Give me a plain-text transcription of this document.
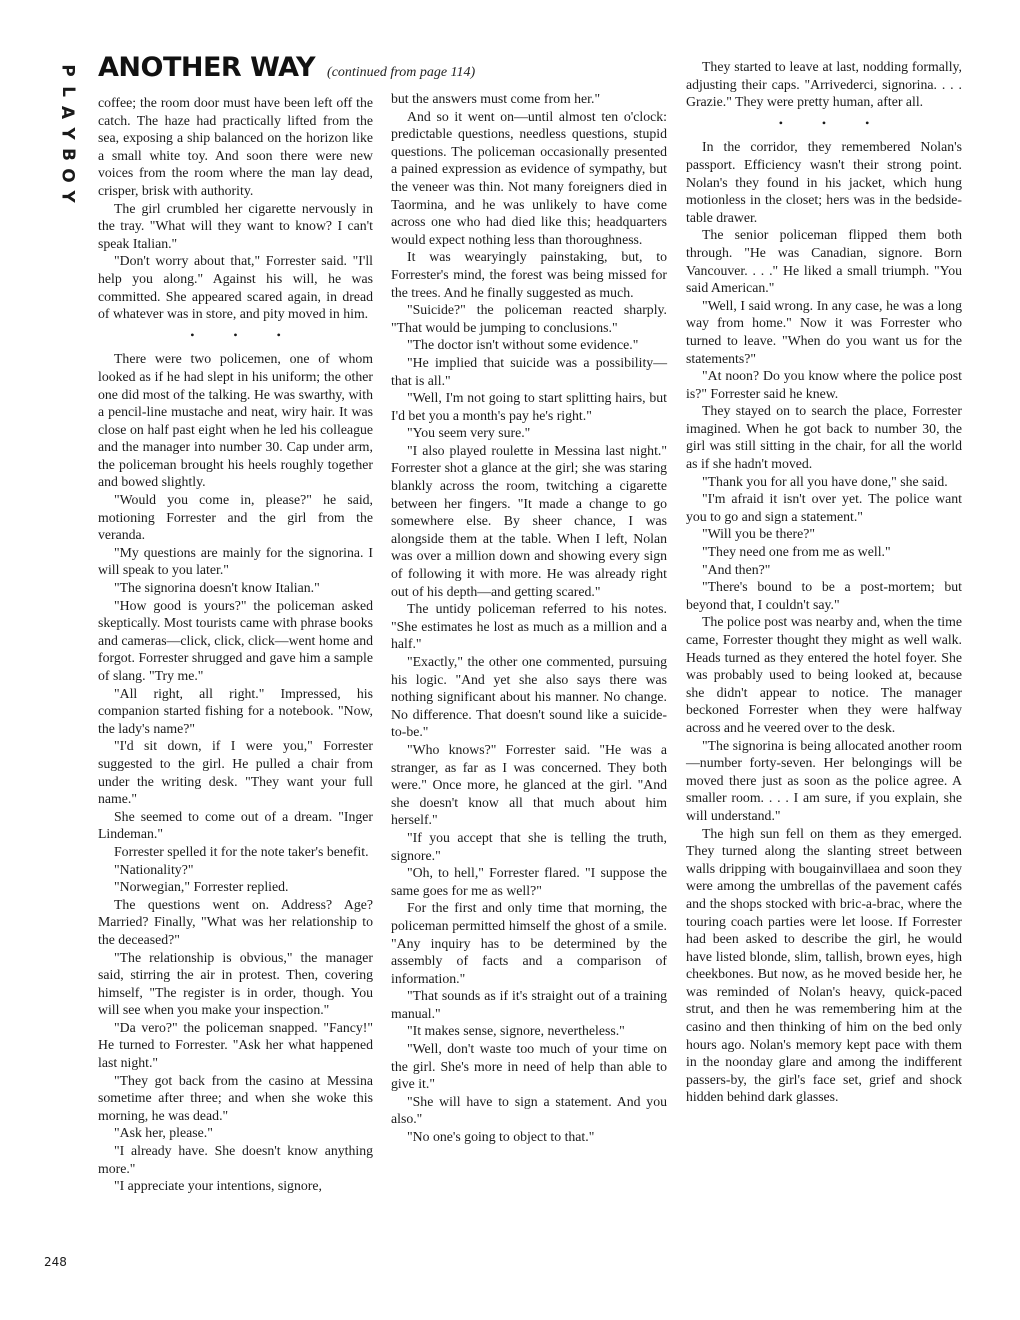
P
L
A
Y
B
O
Y
ANOTHER WAY (continued from page 114)

coffee; the room door must have been left off the catch. The haze had practically lifted from the sea, exposing a ship balanced on the horizon like a small white toy. And soon there were new voices from the room where the man lay dead, crisper, brisk with authority.

The girl crumbled her cigarette nervously in the tray. "What will they want to know? I can't speak Italian."

"Don't worry about that," Forrester said. "I'll help you along." Against his will, he was committed. She appeared scared again, in dread of whatever was in store, and pity moved in him.

• • •

There were two policemen, one of whom looked as if he had slept in his uniform; the other one did most of the talking. He was swarthy, with a pencil-line mustache and neat, wiry hair. It was close on half past eight when he led his colleague and the manager into number 30. Cap under arm, the policeman brought his heels roughly together and bowed slightly.

"Would you come in, please?" he said, motioning Forrester and the girl from the veranda.

"My questions are mainly for the signorina. I will speak to you later."

"The signorina doesn't know Italian."

"How good is yours?" the policeman asked skeptically. Most tourists came with phrase books and cameras—click, click, click—went home and forgot. Forrester shrugged and gave him a sample of slang. "Try me."

"All right, all right." Impressed, his companion started fishing for a notebook. "Now, the lady's name?"

"I'd sit down, if I were you," Forrester suggested to the girl. He pulled a chair from under the writing desk. "They want your full name."

She seemed to come out of a dream. "Inger Lindeman."

Forrester spelled it for the note taker's benefit.

"Nationality?"

"Norwegian," Forrester replied.

The questions went on. Address? Age? Married? Finally, "What was her relationship to the deceased?"

"The relationship is obvious," the manager said, stirring the air in protest. Then, covering himself, "The register is in order, though. You will see when you make your inspection."

"Da vero?" the policeman snapped. "Fancy!" He turned to Forrester. "Ask her what happened last night."

"They got back from the casino at Messina sometime after three; and when she woke this morning, he was dead."

"Ask her, please."

"I already have. She doesn't know anything more."

"I appreciate your intentions, signore,

but the answers must come from her."

And so it went on—until almost ten o'clock: predictable questions, needless questions, stupid questions. The policeman occasionally presented a pained expression as evidence of sympathy, but the veneer was thin. Not many foreigners died in Taormina, and he was unlikely to have come across one who had died like this; headquarters would expect nothing less than thoroughness.

It was wearyingly painstaking, but, to Forrester's mind, the forest was being missed for the trees. And he finally suggested as much.

"Suicide?" the policeman reacted sharply. "That would be jumping to conclusions."

"The doctor isn't without some evidence."

"He implied that suicide was a possibility—that is all."

"Well, I'm not going to start splitting hairs, but I'd bet you a month's pay he's right."

"You seem very sure."

"I also played roulette in Messina last night." Forrester shot a glance at the girl; she was staring blankly across the room, twitching a cigarette between her fingers. "It made a change to go somewhere else. By sheer chance, I was alongside them at the table. When I left, Nolan was over a million down and showing every sign of following it with more. He was already right out of his depth—and getting scared."

The untidy policeman referred to his notes. "She estimates he lost as much as a million and a half."

"Exactly," the other one commented, pursuing his logic. "And yet she also says there was nothing significant about his manner. No change. No difference. That doesn't sound like a suicide-to-be."

"Who knows?" Forrester said. "He was a stranger, as far as I was concerned. They both were." Once more, he glanced at the girl. "And she doesn't know all that much about him herself."

"If you accept that she is telling the truth, signore."

"Oh, to hell," Forrester flared. "I suppose the same goes for me as well?"

For the first and only time that morning, the policeman permitted himself the ghost of a smile. "Any inquiry has to be determined by the assembly of facts and a comparison of information."

"That sounds as if it's straight out of a training manual."

"It makes sense, signore, nevertheless."

"Well, don't waste too much of your time on the girl. She's more in need of help than able to give it."

"She will have to sign a statement. And you also."

"No one's going to object to that."

They started to leave at last, nodding formally, adjusting their caps. "Arrivederci, signorina. . . . Grazie." They were pretty human, after all.

• • •

In the corridor, they remembered Nolan's passport. Efficiency wasn't their strong point. Nolan's they found in his jacket, which hung motionless in the closet; hers was in the bedside-table drawer.

The senior policeman flipped them both through. "He was Canadian, signore. Born Vancouver. . . ." He liked a small triumph. "You said American."

"Well, I said wrong. In any case, he was a long way from home." Now it was Forrester who turned to leave. "When do you want us for the statements?"

"At noon? Do you know where the police post is?" Forrester said he knew.

They stayed on to search the place, Forrester imagined. When he got back to number 30, the girl was still sitting in the chair, for all the world as if she hadn't moved.

"Thank you for all you have done," she said.

"I'm afraid it isn't over yet. The police want you to go and sign a statement."

"Will you be there?"

"They need one from me as well."

"And then?"

"There's bound to be a post-mortem; but beyond that, I couldn't say."

The police post was nearby and, when the time came, Forrester thought they might as well walk. Heads turned as they entered the hotel foyer. She was probably used to being looked at, because she didn't appear to notice. The manager beckoned Forrester when they were halfway across and he veered over to the desk.

"The signorina is being allocated another room—number forty-seven. Her belongings will be moved there just as soon as the police agree. A smaller room. . . . I am sure, if you explain, she will understand."

The high sun fell on them as they emerged. They turned along the slanting street between walls dripping with bougainvillaea and soon they were among the umbrellas of the pavement cafés and the shops stocked with bric-a-brac, where the touring coach parties were let loose. If Forrester had been asked to describe the girl, he would have listed blonde, slim, tallish, brown eyes, high cheekbones. But now, as he moved beside her, he was reminded of Nolan's heavy, quick-paced strut, and then he was remembering him at the casino and then thinking of him on the bed only hours ago. Nolan's memory kept pace with them in the noonday glare and among the indifferent passers-by, the girl's face set, grief and shock hidden behind dark glasses.

248
